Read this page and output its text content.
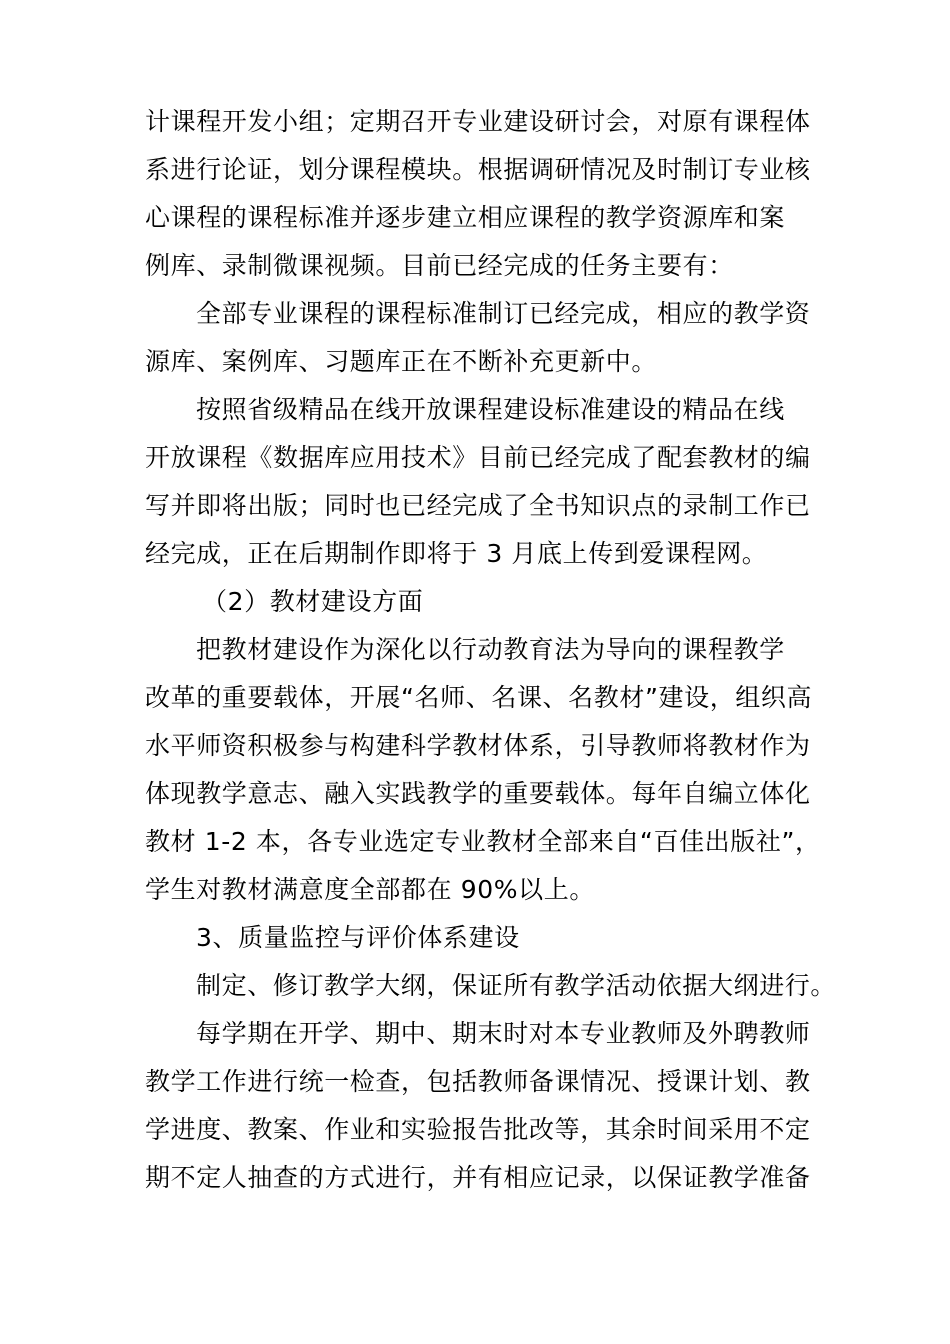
计课程开发小组；定期召开专业建设研讨会，对原有课程体
系进行论证，划分课程模块。根据调研情况及时制订专业核
心课程的课程标准并逐步建立相应课程的教学资源库和案
例库、录制微课视频。目前已经完成的任务主要有：
全部专业课程的课程标准制订已经完成，相应的教学资
源库、案例库、习题库正在不断补充更新中。
按照省级精品在线开放课程建设标准建设的精品在线
开放课程《数据库应用技术》目前已经完成了配套教材的编
写并即将出版；同时也已经完成了全书知识点的录制工作已
经完成，正在后期制作即将于 3 月底上传到爱课程网。
（2）教材建设方面
把教材建设作为深化以行动教育法为导向的课程教学
改革的重要载体，开展“名师、名课、名教材”建设，组织高
水平师资积极参与构建科学教材体系，引导教师将教材作为
体现教学意志、融入实践教学的重要载体。每年自编立体化
教材 1-2 本，各专业选定专业教材全部来自“百佳出版社”，
学生对教材满意度全部都在 90%以上。
3、质量监控与评价体系建设
制定、修订教学大纲，保证所有教学活动依据大纲进行。
每学期在开学、期中、期末时对本专业教师及外聘教师
教学工作进行统一检查，包括教师备课情况、授课计划、教
学进度、教案、作业和实验报告批改等，其余时间采用不定
期不定人抽查的方式进行，并有相应记录，以保证教学准备
